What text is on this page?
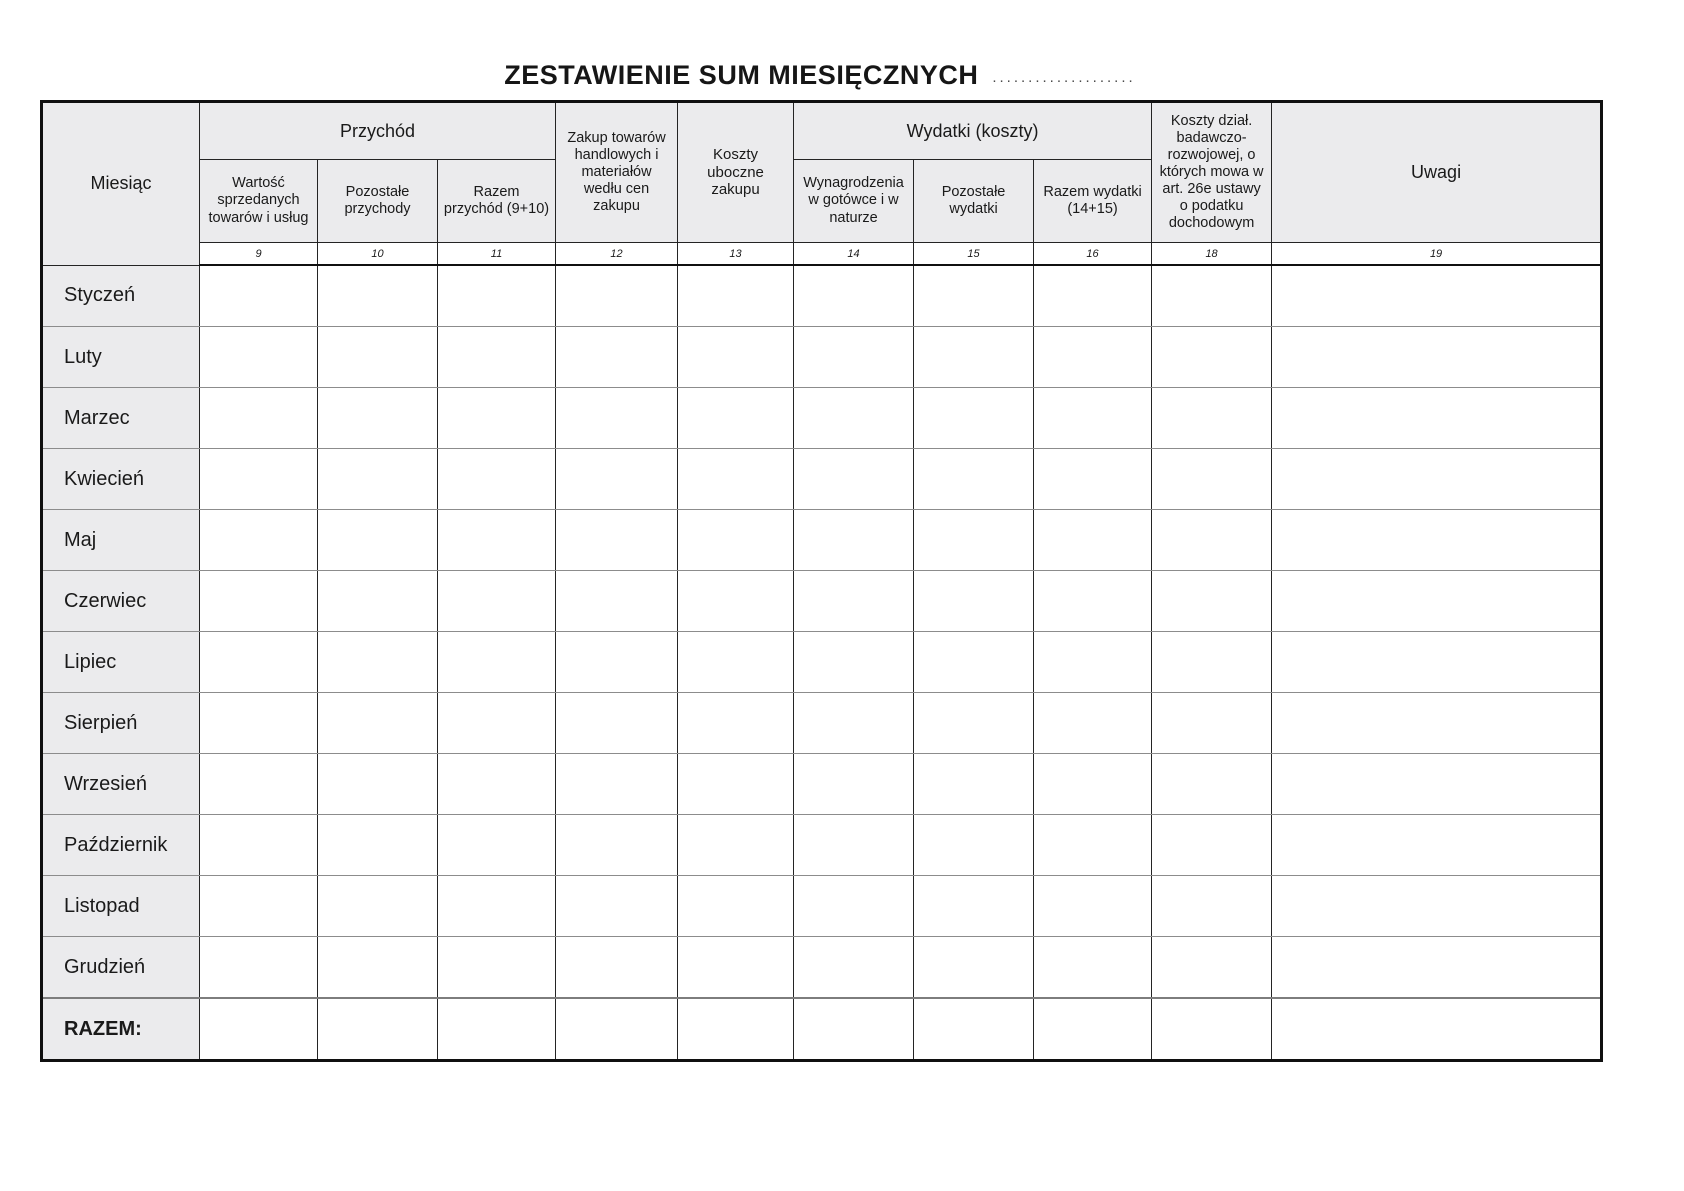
ZESTAWIENIE SUM MIESIĘCZNYCH ....................
Miesiąc	Przychód			Zakup towarów handlowych i materiałów wedłu cen zakupu	Koszty uboczne zakupu	Wydatki (koszty)			Koszty dział. badawczo-rozwojowej, o których mowa w art. 26e ustawy o podatku dochodowym	Uwagi
	Wartość sprzedanych towarów i usług	Pozostałe przychody	Razem przychód (9+10)			Wynagrodzenia w gotówce i w naturze	Pozostałe wydatki	Razem wydatki (14+15)		
	9	10	11	12	13	14	15	16	18	19
Styczeń										
Luty										
Marzec										
Kwiecień										
Maj										
Czerwiec										
Lipiec										
Sierpień										
Wrzesień										
Październik										
Listopad										
Grudzień										
RAZEM:										
